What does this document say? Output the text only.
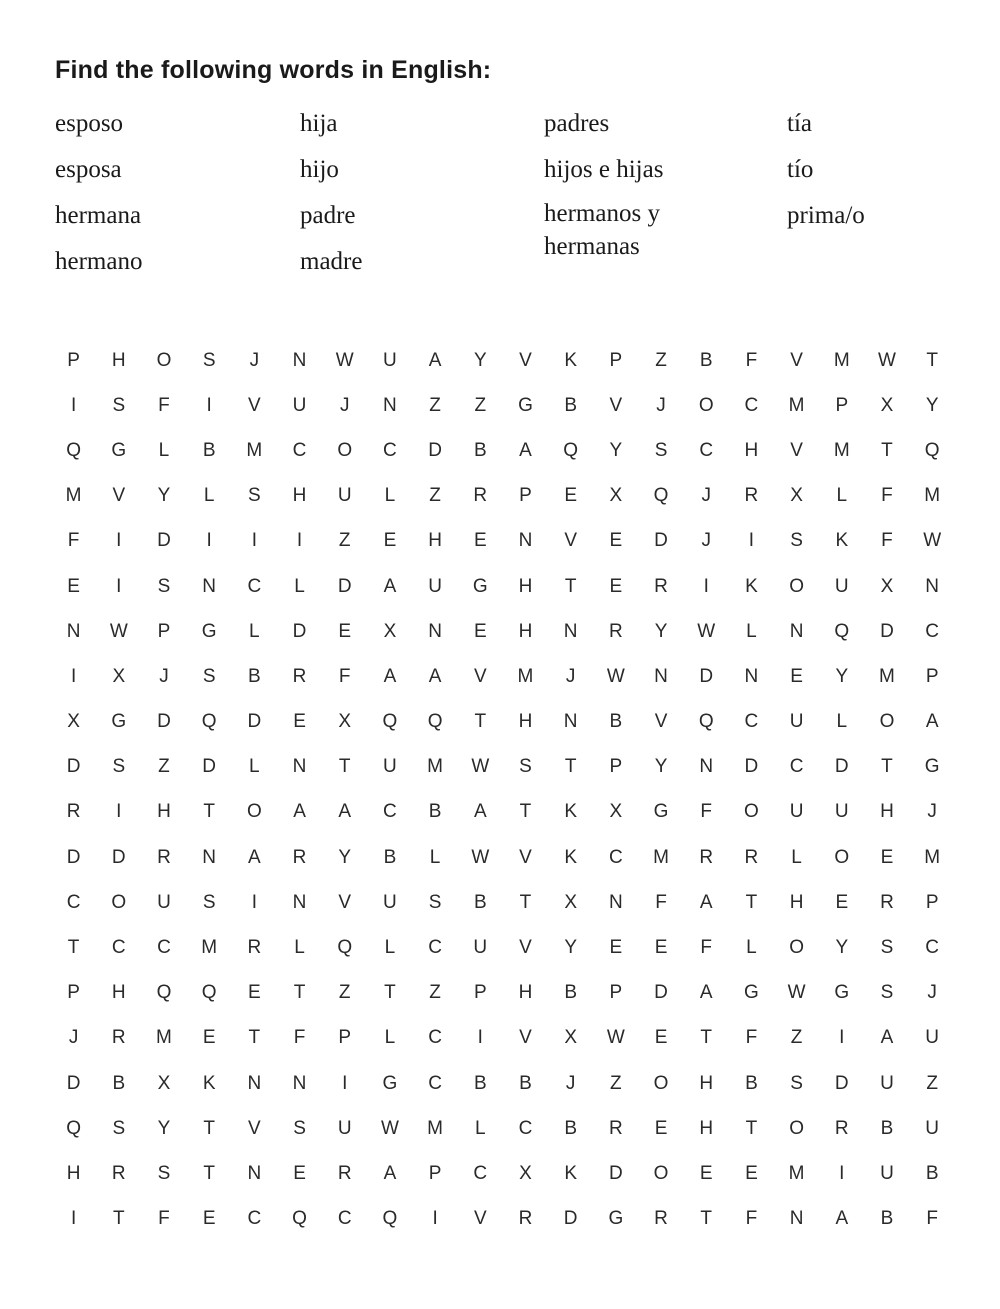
Find the following words in English:
esposo
esposa
hermana
hermano
hija
hijo
padre
madre
padres
hijos e hijas
hermanos y hermanas
tía
tío
prima/o
P	H	O	S	J	N	W	U	A	Y	V	K	P	Z	B	F	V	M	W	T
I	S	F	I	V	U	J	N	Z	Z	G	B	V	J	O	C	M	P	X	Y
Q	G	L	B	M	C	O	C	D	B	A	Q	Y	S	C	H	V	M	T	Q
M	V	Y	L	S	H	U	L	Z	R	P	E	X	Q	J	R	X	L	F	M
F	I	D	I	I	I	Z	E	H	E	N	V	E	D	J	I	S	K	F	W
E	I	S	N	C	L	D	A	U	G	H	T	E	R	I	K	O	U	X	N
N	W	P	G	L	D	E	X	N	E	H	N	R	Y	W	L	N	Q	D	C
I	X	J	S	B	R	F	A	A	V	M	J	W	N	D	N	E	Y	M	P
X	G	D	Q	D	E	X	Q	Q	T	H	N	B	V	Q	C	U	L	O	A
D	S	Z	D	L	N	T	U	M	W	S	T	P	Y	N	D	C	D	T	G
R	I	H	T	O	A	A	C	B	A	T	K	X	G	F	O	U	U	H	J
D	D	R	N	A	R	Y	B	L	W	V	K	C	M	R	R	L	O	E	M
C	O	U	S	I	N	V	U	S	B	T	X	N	F	A	T	H	E	R	P
T	C	C	M	R	L	Q	L	C	U	V	Y	E	E	F	L	O	Y	S	C
P	H	Q	Q	E	T	Z	T	Z	P	H	B	P	D	A	G	W	G	S	J
J	R	M	E	T	F	P	L	C	I	V	X	W	E	T	F	Z	I	A	U
D	B	X	K	N	N	I	G	C	B	B	J	Z	O	H	B	S	D	U	Z
Q	S	Y	T	V	S	U	W	M	L	C	B	R	E	H	T	O	R	B	U
H	R	S	T	N	E	R	A	P	C	X	K	D	O	E	E	M	I	U	B
I	T	F	E	C	Q	C	Q	I	V	R	D	G	R	T	F	N	A	B	F
